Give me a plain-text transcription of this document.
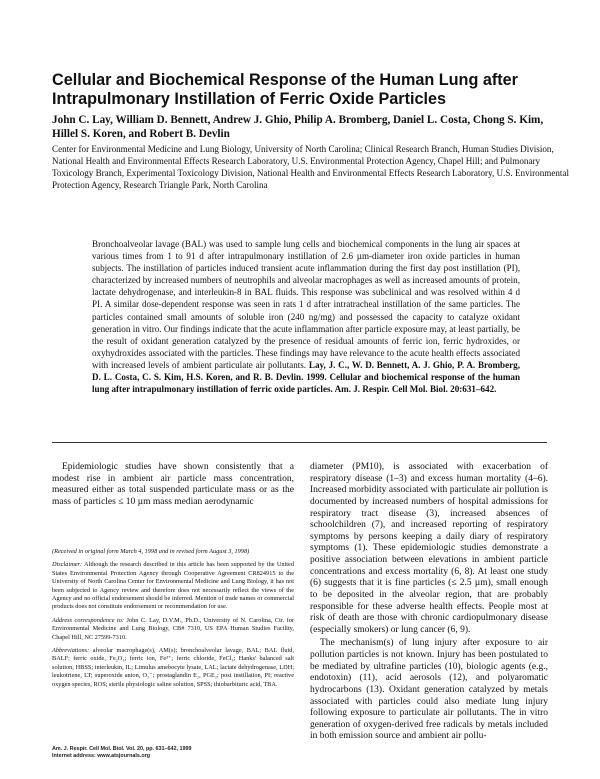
Cellular and Biochemical Response of the Human Lung after Intrapulmonary Instillation of Ferric Oxide Particles
John C. Lay, William D. Bennett, Andrew J. Ghio, Philip A. Bromberg, Daniel L. Costa, Chong S. Kim, Hillel S. Koren, and Robert B. Devlin
Center for Environmental Medicine and Lung Biology, University of North Carolina; Clinical Research Branch, Human Studies Division, National Health and Environmental Effects Research Laboratory, U.S. Environmental Protection Agency, Chapel Hill; and Pulmonary Toxicology Branch, Experimental Toxicology Division, National Health and Environmental Effects Research Laboratory, U.S. Environmental Protection Agency, Research Triangle Park, North Carolina
Bronchoalveolar lavage (BAL) was used to sample lung cells and biochemical components in the lung air spaces at various times from 1 to 91 d after intrapulmonary instillation of 2.6 µm-diameter iron oxide particles in human subjects. The instillation of particles induced transient acute inflammation during the first day post instillation (PI), characterized by increased numbers of neutrophils and alveolar macrophages as well as increased amounts of protein, lactate dehydrogenase, and interleukin-8 in BAL fluids. This response was subclinical and was resolved within 4 d PI. A similar dose-dependent response was seen in rats 1 d after intratracheal instillation of the same particles. The particles contained small amounts of soluble iron (240 ng/mg) and possessed the capacity to catalyze oxidant generation in vitro. Our findings indicate that the acute inflammation after particle exposure may, at least partially, be the result of oxidant generation catalyzed by the presence of residual amounts of ferric ion, ferric hydroxides, or oxyhydroxides associated with the particles. These findings may have relevance to the acute health effects associated with increased levels of ambient particulate air pollutants. Lay, J. C., W. D. Bennett, A. J. Ghio, P. A. Bromberg, D. L. Costa, C. S. Kim, H.S. Koren, and R. B. Devlin. 1999. Cellular and biochemical response of the human lung after intrapulmonary instillation of ferric oxide particles. Am. J. Respir. Cell Mol. Biol. 20:631–642.

Epidemiologic studies have shown consistently that a modest rise in ambient air particle mass concentration, measured either as total suspended particulate mass or as the mass of particles ≤ 10 µm mass median aerodynamic

(Received in original form March 4, 1998 and in revised form August 3, 1998)

Disclaimer: Although the research described in this article has been supported by the United States Environmental Protection Agency through Cooperative Agreement CR824915 to the University of North Carolina Center for Environmental Medicine and Lung Biology, it has not been subjected to Agency review and therefore does not necessarily reflect the views of the Agency and no official endorsement should be inferred. Mention of trade names or commercial products does not constitute endorsement or recommendation for use.

Address correspondence to: John C. Lay, D.V.M., Ph.D., University of N. Carolina, Ctr. for Environmental Medicine and Lung Biology, CB# 7310, US EPA Human Studies Facility, Chapel Hill, NC 27599-7310.

Abbreviations: alveolar macrophage(s), AM(s); bronchoalveolar lavage, BAL; BAL fluid, BALF; ferric oxide, Fe₂O₃; ferric ion, Fe³⁺; ferric chloride, FeCl₃; Hanks' balanced salt solution, HBSS; interleukin, IL; Limulus amebocyte lysate, LAL; lactate dehydrogenase, LDH; leukotriene, LT; superoxide anion, O₂⁻; prostaglandin E₂, PGE₂; post instillation, PI; reactive oxygen species, ROS; sterile physiologic saline solution, SPSS; thiobarbituric acid, TBA.

Am. J. Respir. Cell Mol. Biol. Vol. 20, pp. 631–642, 1999
Internet address: www.atsjournals.org

diameter (PM10), is associated with exacerbation of respiratory disease (1–3) and excess human mortality (4–6). Increased morbidity associated with particulate air pollution is documented by increased numbers of hospital admissions for respiratory tract disease (3), increased absences of schoolchildren (7), and increased reporting of respiratory symptoms by persons keeping a daily diary of respiratory symptoms (1). These epidemiologic studies demonstrate a positive association between elevations in ambient particle concentrations and excess mortality (6, 8). At least one study (6) suggests that it is fine particles (≤ 2.5 µm), small enough to be deposited in the alveolar region, that are probably responsible for these adverse health effects. People most at risk of death are those with chronic cardiopulmonary disease (especially smokers) or lung cancer (6, 9).

The mechanism(s) of lung injury after exposure to air pollution particles is not known. Injury has been postulated to be mediated by ultrafine particles (10), biologic agents (e.g., endotoxin) (11), acid aerosols (12), and polyaromatic hydrocarbons (13). Oxidant generation catalyzed by metals associated with particles could also mediate lung injury following exposure to particulate air pollutants. The in vitro generation of oxygen-derived free radicals by metals included in both emission source and ambient air pollu-
